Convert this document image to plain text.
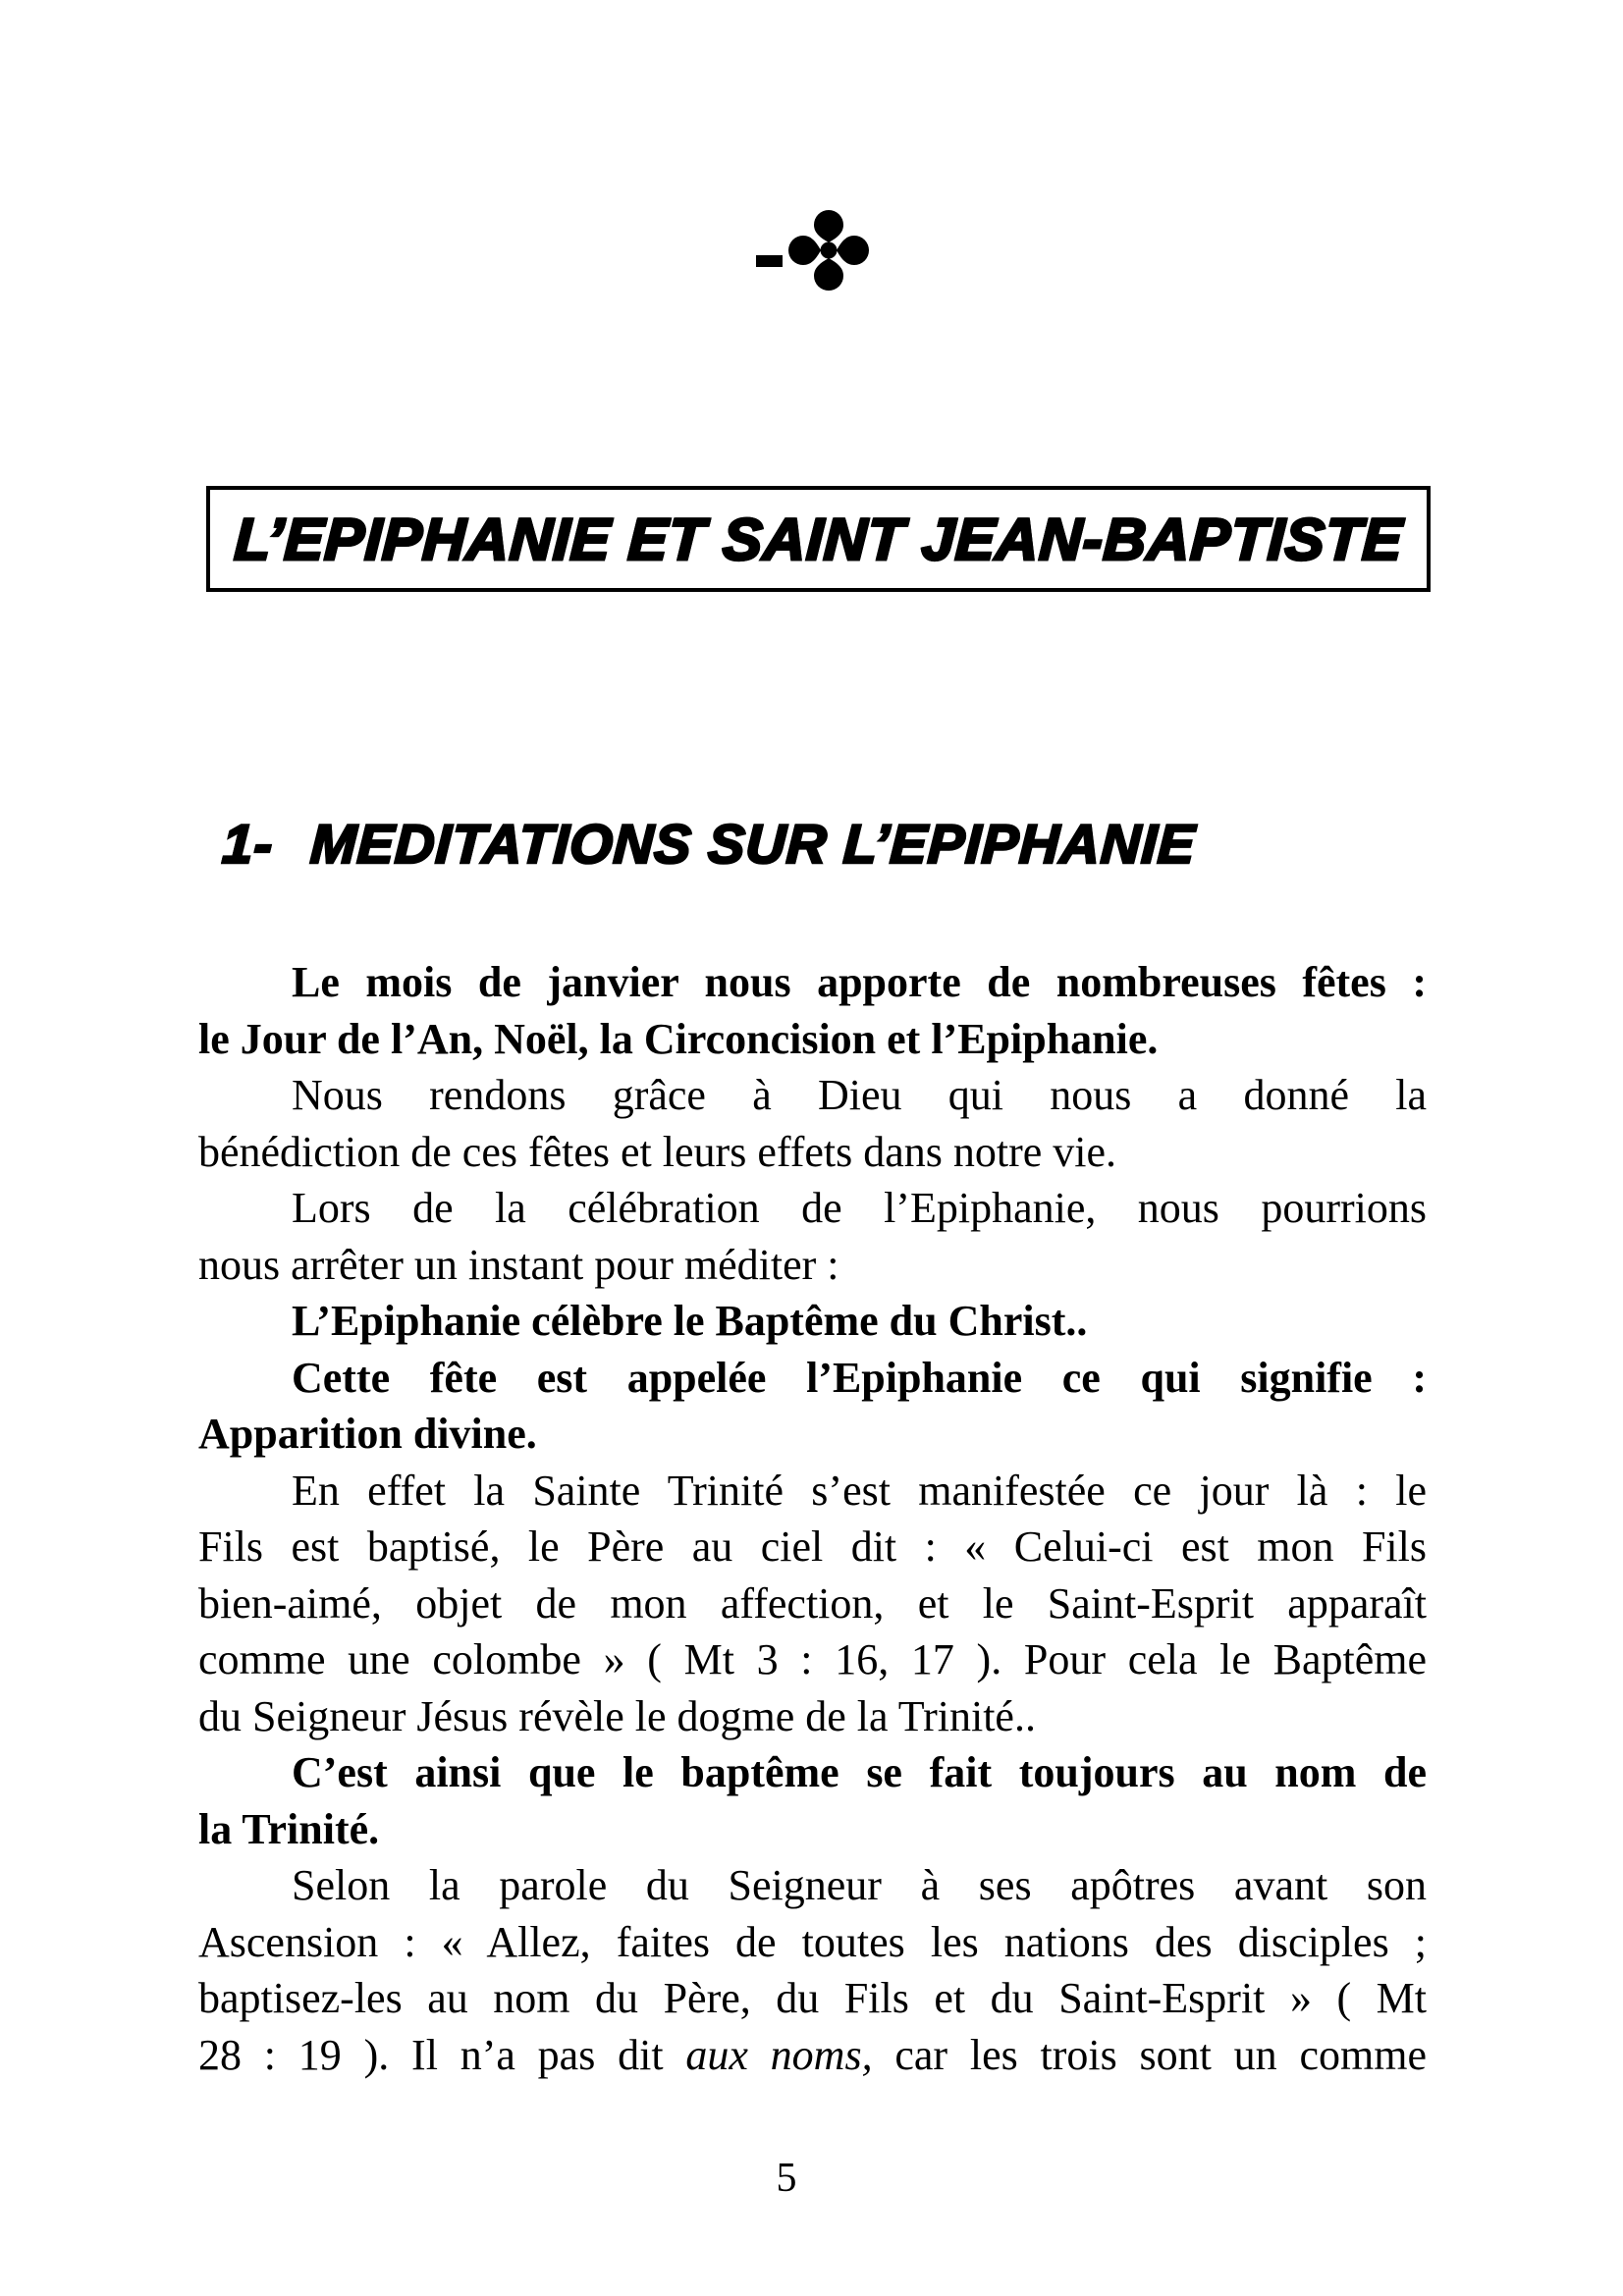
L’EPIPHANIE ET SAINT JEAN-BAPTISTE
1- MEDITATIONS SUR L’EPIPHANIE
Le mois de janvier nous apporte de nombreuses fêtes :
le Jour de l’An, Noël, la Circoncision et l’Epiphanie.
Nous rendons grâce à Dieu qui nous a donné la
bénédiction de ces fêtes et leurs effets dans notre vie.
Lors de la célébration de l’Epiphanie, nous pourrions
nous arrêter un instant pour méditer :
L’Epiphanie célèbre le Baptême du Christ..
Cette fête est appelée l’Epiphanie ce qui signifie :
Apparition divine.
En effet la Sainte Trinité s’est manifestée ce jour là : le
Fils est baptisé, le Père au ciel dit : « Celui-ci est mon Fils
bien-aimé, objet de mon affection, et le Saint-Esprit apparaît
comme une colombe » ( Mt 3 : 16, 17 ). Pour cela le Baptême
du Seigneur Jésus révèle le dogme de la Trinité..
C’est ainsi que le baptême se fait toujours au nom de
la Trinité.
Selon la parole du Seigneur à ses apôtres avant son
Ascension : « Allez, faites de toutes les nations des disciples ;
baptisez-les au nom du Père, du Fils et du Saint-Esprit » ( Mt
28 : 19 ). Il n’a pas dit aux noms, car les trois sont un comme
5
